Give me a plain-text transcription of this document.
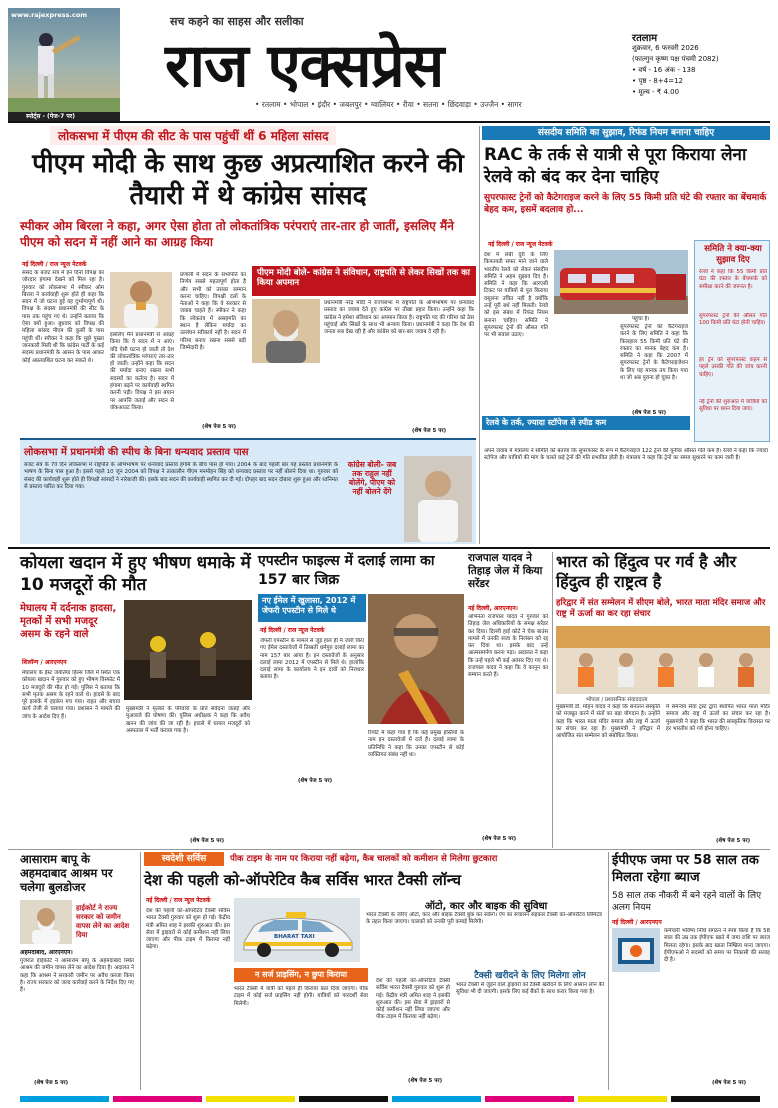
www.rajexpress.com
स्पोर्ट्स - (पेज-7 पर)
सच कहने का साहस और सलीका
राज एक्सप्रेस	रतलाम
शुक्रवार, 6 फरवरी 2026
(फाल्गुन कृष्ण पक्ष पंचमी 2082)
• वर्ष - 16 अंक - 138
• पृष्ठ - 8+4=12
• मूल्य - ₹ 4.00
• रतलाम • भोपाल • इंदौर • जबलपुर • ग्वालियर • रीवा • सतना • छिंदवाड़ा • उज्जैन • सागर
लोकसभा में पीएम की सीट के पास पहुंचीं थीं 6 महिला सांसद
पीएम मोदी के साथ कुछ अप्रत्याशित करने की तैयारी में थे कांग्रेस सांसद
स्पीकर ओम बिरला ने कहा, अगर ऐसा होता तो लोकतांत्रिक परंपराएं तार-तार हो जातीं, इसलिए मैंने पीएम को सदन में नहीं आने का आग्रह किया
नई दिल्ली / राज न्यूज नेटवर्क
संसद के बजट सत्र में इन दिनों विपक्ष का जोरदार हंगामा देखने को मिल रहा है। गुरुवार को लोकसभा में स्पीकर ओम बिरला ने कार्यवाही शुरू होते ही कहा कि सदन में जो घटना हुई वह दुर्भाग्यपूर्ण थी। विपक्ष के सदस्य प्रधानमंत्री की सीट के पास तक पहुंच गए थे। उन्होंने बताया कि ऐसा क्यों हुआ। बुधवार को विपक्ष की महिला सांसद पीएम की कुर्सी के पास पहुंची थीं। स्पीकर ने कहा कि मुझे पुख्ता जानकारी मिली थी कि कांग्रेस पार्टी के कई सदस्य प्रधानमंत्री के आसन के पास आकर कोई अप्रत्याशित घटना कर सकते थे।
इसलिए मैंने प्रधानमंत्री से आग्रह किया कि वे सदन में न आएं। यदि ऐसी घटना हो जाती तो देश की लोकतांत्रिक परंपराएं तार-तार हो जातीं। उन्होंने कहा कि सदन की मर्यादा बनाए रखना सभी सदस्यों का कर्तव्य है। सदन में हंगामा बढ़ने पर कार्यवाही स्थगित करनी पड़ी। विपक्ष ने इस बयान पर आपत्ति जताई और सदन से वॉकआउट किया।
प्रणाली में सदन के सभापति का निर्णय सबसे महत्वपूर्ण होता है और सभी को उसका सम्मान करना चाहिए। विपक्षी दलों के नेताओं ने कहा कि वे सरकार से जवाब चाहते हैं। स्पीकर ने कहा कि लोकतंत्र में असहमति का स्थान है लेकिन मर्यादा का उल्लंघन स्वीकार्य नहीं है। सदन में गरिमा बनाए रखना सबसे बड़ी जिम्मेदारी है।
(शेष पेज 5 पर)
पीएम मोदी बोले- कांग्रेस ने संविधान, राष्ट्रपति से लेकर सिखों तक का किया अपमान
प्रधानमंत्री नरेंद्र मोदी ने राज्यसभा में राष्ट्रपति के अभिभाषण पर धन्यवाद प्रस्ताव का जवाब देते हुए कांग्रेस पर तीखा प्रहार किया। उन्होंने कहा कि कांग्रेस ने हमेशा संविधान का अपमान किया है। राष्ट्रपति पद की गरिमा को ठेस पहुंचाई और सिखों के साथ भी अन्याय किया। प्रधानमंत्री ने कहा कि देश की जनता सब देख रही है और कांग्रेस को बार-बार जवाब दे रही है।
(शेष पेज 5 पर)
लोकसभा में प्रधानमंत्री की स्पीच के बिना धन्यवाद प्रस्ताव पास
बजट सत्र के 7वें दिन लोकसभा में राष्ट्रपति के अभिभाषण पर धन्यवाद प्रस्ताव हंगामे के बीच पास हो गया। 2004 के बाद पहली बार यह प्रस्ताव प्रधानमंत्री के भाषण के बिना पास हुआ है। इससे पहले 10 जून 2004 को विपक्ष ने तत्कालीन पीएम मनमोहन सिंह को धन्यवाद प्रस्ताव पर नहीं बोलने दिया था। गुरुवार को संसद की कार्यवाही शुरू होते ही विपक्षी सांसदों ने नारेबाजी की। इसके बाद सदन की कार्यवाही स्थगित कर दी गई। दोपहर बाद सदन दोबारा शुरू हुआ और ध्वनिमत से प्रस्ताव पारित कर दिया गया।
कांग्रेस बोली- जब तक राहुल नहीं बोलेंगे, पीएम को नहीं बोलने देंगे
संसदीय समिति का सुझाव, रिफंड नियम बनाना चाहिए
RAC के तर्क से यात्री से पूरा किराया लेना रेलवे को बंद कर देना चाहिए
सुपरफास्ट ट्रेनों को कैटेगराइज करने के लिए 55 किमी प्रति घंटे की रफ्तार का बेंचमार्क बेहद कम, इसमें बदलाव हो...
नई दिल्ली / राज न्यूज नेटवर्क
देश में लंबी दूरी के लिए किफायती सफर माने जाने वाले भारतीय रेलवे को लेकर संसदीय समिति ने अहम सुझाव दिए हैं। समिति ने कहा कि आरएसी टिकट पर यात्रियों से पूरा किराया वसूलना उचित नहीं है क्योंकि उन्हें पूरी बर्थ नहीं मिलती। रेलवे को इस संबंध में रिफंड नियम बनाना चाहिए। समिति ने सुपरफास्ट ट्रेनों की औसत गति पर भी सवाल उठाए।
पहुंचा है।
सुपरफास्ट ट्रेनों को कैटेगराइज करने के लिए समिति ने कहा कि फिलहाल 55 किमी प्रति घंटे की रफ्तार का मानक बेहद कम है। समिति ने कहा कि 2007 में सुपरफास्ट ट्रेनों के कैटेगराइजेशन के लिए यह मानक तय किया गया था जो अब पुराना हो चुका है।
(शेष पेज 5 पर)
समिति ने क्या-क्या सुझाव दिए
रेलवे ने कहा कि 55 किमी प्रति घंटा की रफ्तार के बेंचमार्क को समीक्षा करने की जरूरत है।
सुपरफास्ट ट्रेनों की औसत गति 100 किमी प्रति घंटा होनी चाहिए।
हर ट्रेन को सुपरफास्ट कहने से पहले उसकी गति की जांच करनी चाहिए।
नई ट्रेनों की शुरुआत में यात्रियों को सुविधा पर ध्यान दिया जाए।
रेलवे के तर्क, ज्यादा स्टॉपेज से स्पीड कम
अपने जवाब में मंत्रालय ने समिति को बताया कि सुपरफास्ट के रूप में कैटेगराइज 122 ट्रेनों की यूनीक औसत गति कम है। रेलवे ने कहा कि ज्यादा स्टॉपेज और यात्रियों की मांग के चलते कई ट्रेनों की गति प्रभावित होती है। मंत्रालय ने कहा कि ट्रेनों का समय सुधारने पर काम जारी है।
कोयला खदान में हुए भीषण धमाके में 10 मजदूरों की मौत
मेघालय में दर्दनाक हादसा, मृतकों में सभी मजदूर असम के रहने वाले
शिलॉन्ग / आरएनएन
मेघालय के ईस्ट जयंतिया हिल्स जिले में स्थित एक कोयला खदान में गुरुवार को हुए भीषण विस्फोट में 10 मजदूरों की मौत हो गई। पुलिस ने बताया कि सभी मृतक असम के रहने वाले थे। हादसे के बाद पूरे इलाके में हड़कंप मच गया। राहत और बचाव कार्य तेजी से चलाया गया। प्रशासन ने मामले की जांच के आदेश दिए हैं।
मुख्यमंत्री ने मृतकों के परिवारों के प्रति संवेदना जताई और मुआवजे की घोषणा की। पुलिस अधीक्षक ने कहा कि अवैध खनन की जांच की जा रही है। हादसे में घायल मजदूरों को अस्पताल में भर्ती कराया गया है।
(शेष पेज 5 पर)
एपस्टीन फाइल्स में दलाई लामा का 157 बार जिक्र
नए ईमेल में खुलासा, 2012 में जेफरी एपस्टीन से मिले थे
नई दिल्ली / राज न्यूज नेटवर्क
जेफरी एपस्टीन के मामले से जुड़े हाल ही में जारी किए गए ईमेल दस्तावेजों में तिब्बती धर्मगुरु दलाई लामा का नाम 157 बार आया है। इन दस्तावेजों के अनुसार दलाई लामा 2012 में एपस्टीन से मिले थे। हालांकि दलाई लामा के कार्यालय ने इन दावों को निराधार बताया है।
रिपोर्ट में कहा गया है कि कई प्रमुख हस्तियों के नाम इन दस्तावेजों में दर्ज हैं। दलाई लामा के प्रतिनिधि ने कहा कि उनका एपस्टीन से कोई व्यक्तिगत संबंध नहीं था।
(शेष पेज 5 पर)
राजपाल यादव ने तिहाड़ जेल में किया सरेंडर
नई दिल्ली, आरएनएन।
अभिनेता राजपाल यादव ने गुरुवार को तिहाड़ जेल अधिकारियों के समक्ष सरेंडर कर दिया। दिल्ली हाई कोर्ट ने चेक बाउंस मामले में उनकी सजा के निलंबन को रद्द कर दिया था। इसके बाद उन्हें आत्मसमर्पण करना पड़ा। अदालत ने कहा कि उन्हें पहले भी कई अवसर दिए गए थे। राजपाल यादव ने कहा कि वे कानून का सम्मान करते हैं।
(शेष पेज 5 पर)
भारत को हिंदुत्व पर गर्व है और हिंदुत्व ही राष्ट्रत्व है
हरिद्वार में संत सम्मेलन में सीएम बोले, भारत माता मंदिर समाज और राष्ट्र में ऊर्जा का कर रहा संचार
भोपाल / प्रशासनिक संवाददाता
मुख्यमंत्री डॉ. मोहन यादव ने कहा कि सनातन संस्कृति को मजबूत करने में संतों का बड़ा योगदान है। उन्होंने कहा कि भारत माता मंदिर समाज और राष्ट्र में ऊर्जा का संचार कर रहा है। मुख्यमंत्री ने हरिद्वार में आयोजित संत सम्मेलन को संबोधित किया।
में समन्वय सेवा ट्रस्ट द्वारा स्थापित भारत माता मंदिर समाज और राष्ट्र में ऊर्जा का संचार कर रहा है। मुख्यमंत्री ने कहा कि भारत की सांस्कृतिक विरासत पर हर भारतीय को गर्व होना चाहिए।
(शेष पेज 5 पर)
आसाराम बापू के अहमदाबाद आश्रम पर चलेगा बुलडोजर
हाईकोर्ट ने राज्य सरकार को जमीन वापस लेने का आदेश दिया
अहमदाबाद, आरएनएन।
गुजरात हाईकोर्ट ने आसाराम बापू के अहमदाबाद स्थित आश्रम की जमीन वापस लेने का आदेश दिया है। अदालत ने कहा कि आश्रम ने सरकारी जमीन पर अवैध कब्जा किया है। राज्य सरकार को जल्द कार्रवाई करने के निर्देश दिए गए हैं।
(शेष पेज 5 पर)
स्वदेशी सर्विस	पीक टाइम के नाम पर किराया नहीं बढ़ेगा, कैब चालकों को कमीशन से मिलेगा छुटकारा
देश की पहली को-ऑपरेटिव कैब सर्विस भारत टैक्सी लॉन्च
नई दिल्ली / राज न्यूज नेटवर्क
देश की पहली को-ऑपरेटिव टैक्सी सर्विस भारत टैक्सी गुरुवार को शुरू हो गई। केंद्रीय मंत्री अमित शाह ने इसकी शुरुआत की। इस सेवा में ड्राइवरों से कोई कमीशन नहीं लिया जाएगा और पीक टाइम में किराया नहीं बढ़ेगा।
BHARAT TAXI
ऑटो, कार और बाइक की सुविधा
भारत टैक्सी के जरिए ऑटो, कार और बाइक टैक्सी बुक कर सकेंगे। ऐप का संचालन सहकार टैक्सी को-ऑपरेटिव लिमिटेड के तहत किया जाएगा। चालकों को उनकी पूरी कमाई मिलेगी।
न सर्ज प्राइसिंग, न छुपा किराया
भारत टैक्सी में यात्री को पहले ही किराया बता दिया जाएगा। पीक टाइम में कोई सर्ज प्राइसिंग नहीं होगी। यात्रियों को पारदर्शी सेवा मिलेगी।
देश की पहली को-ऑपरेटिव टैक्सी सर्विस भारत टैक्सी गुरुवार को शुरू हो गई। केंद्रीय मंत्री अमित शाह ने इसकी शुरुआत की। इस सेवा में ड्राइवरों से कोई कमीशन नहीं लिया जाएगा और पीक टाइम में किराया नहीं बढ़ेगा।
टैक्सी खरीदने के लिए मिलेगा लोन
भारत टैक्सी से जुड़ने वाले ड्राइवरों को टैक्सी खरीदने के लिए आसान लोन की सुविधा भी दी जाएगी। इसके लिए कई बैंकों के साथ करार किया गया है।
(शेष पेज 5 पर)
ईपीएफ जमा पर 58 साल तक मिलता रहेगा ब्याज
58 साल तक नौकरी में बने रहने वालों के लिए अलग नियम
नई दिल्ली / आरएनएन
कर्मचारी भविष्य निधि संगठन ने स्पष्ट किया है कि 58 साल की उम्र तक ईपीएफ खाते में जमा राशि पर ब्याज मिलता रहेगा। इसके बाद खाता निष्क्रिय माना जाएगा। ईपीएफओ ने सदस्यों को समय पर निकासी की सलाह दी है।
(शेष पेज 5 पर)
